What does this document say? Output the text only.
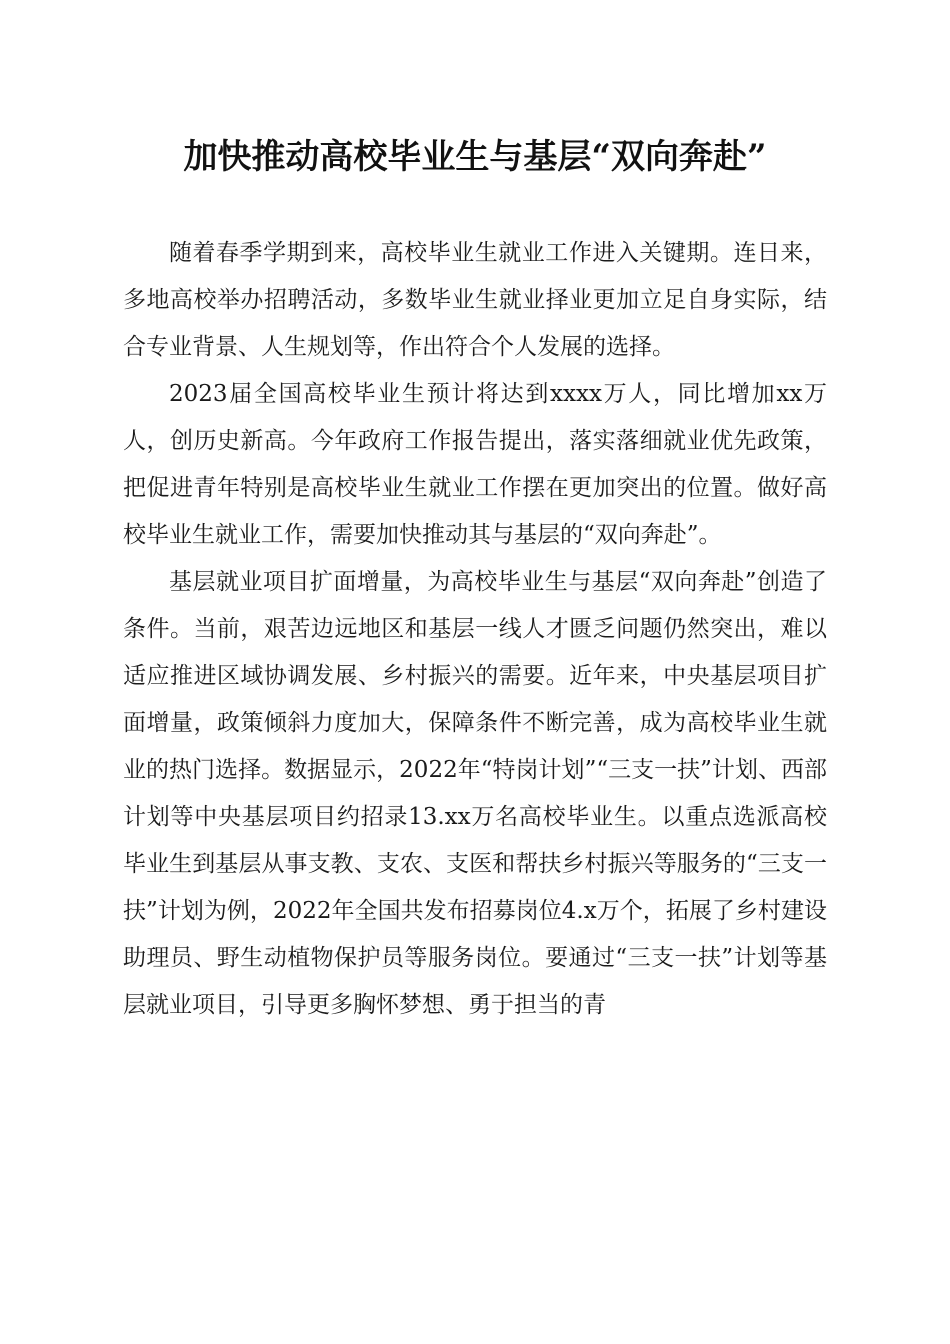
加快推动高校毕业生与基层“双向奔赴”

随着春季学期到来，高校毕业生就业工作进入关键期。连日来，多地高校举办招聘活动，多数毕业生就业择业更加立足自身实际，结合专业背景、人生规划等，作出符合个人发展的选择。

2023届全国高校毕业生预计将达到xxxx万人，同比增加xx万人，创历史新高。今年政府工作报告提出，落实落细就业优先政策，把促进青年特别是高校毕业生就业工作摆在更加突出的位置。做好高校毕业生就业工作，需要加快推动其与基层的“双向奔赴”。

基层就业项目扩面增量，为高校毕业生与基层“双向奔赴”创造了条件。当前，艰苦边远地区和基层一线人才匮乏问题仍然突出，难以适应推进区域协调发展、乡村振兴的需要。近年来，中央基层项目扩面增量，政策倾斜力度加大，保障条件不断完善，成为高校毕业生就业的热门选择。数据显示，2022年“特岗计划”“三支一扶”计划、西部计划等中央基层项目约招录13.xx万名高校毕业生。以重点选派高校毕业生到基层从事支教、支农、支医和帮扶乡村振兴等服务的“三支一扶”计划为例，2022年全国共发布招募岗位4.x万个，拓展了乡村建设助理员、野生动植物保护员等服务岗位。要通过“三支一扶”计划等基层就业项目，引导更多胸怀梦想、勇于担当的青
